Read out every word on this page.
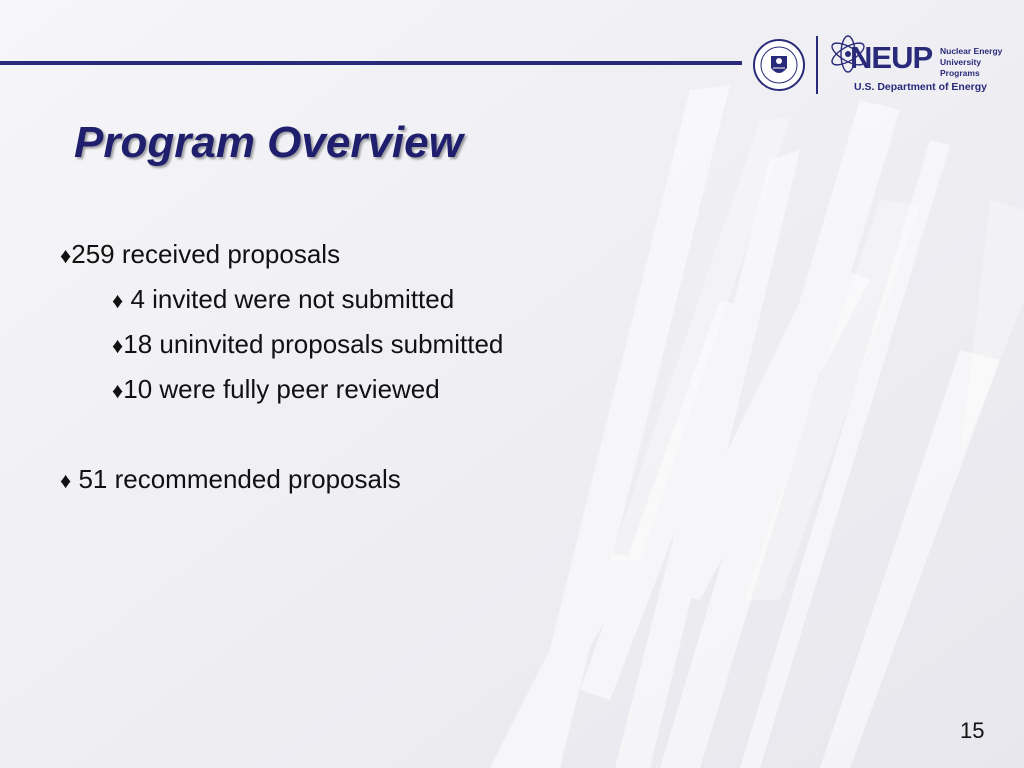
NEUP Nuclear Energy
University Programs
U.S. Department of Energy
Program Overview
♦259 received proposals
♦ 4 invited were not submitted
♦18 uninvited proposals submitted
♦10 were fully peer reviewed
♦ 51 recommended proposals
15
